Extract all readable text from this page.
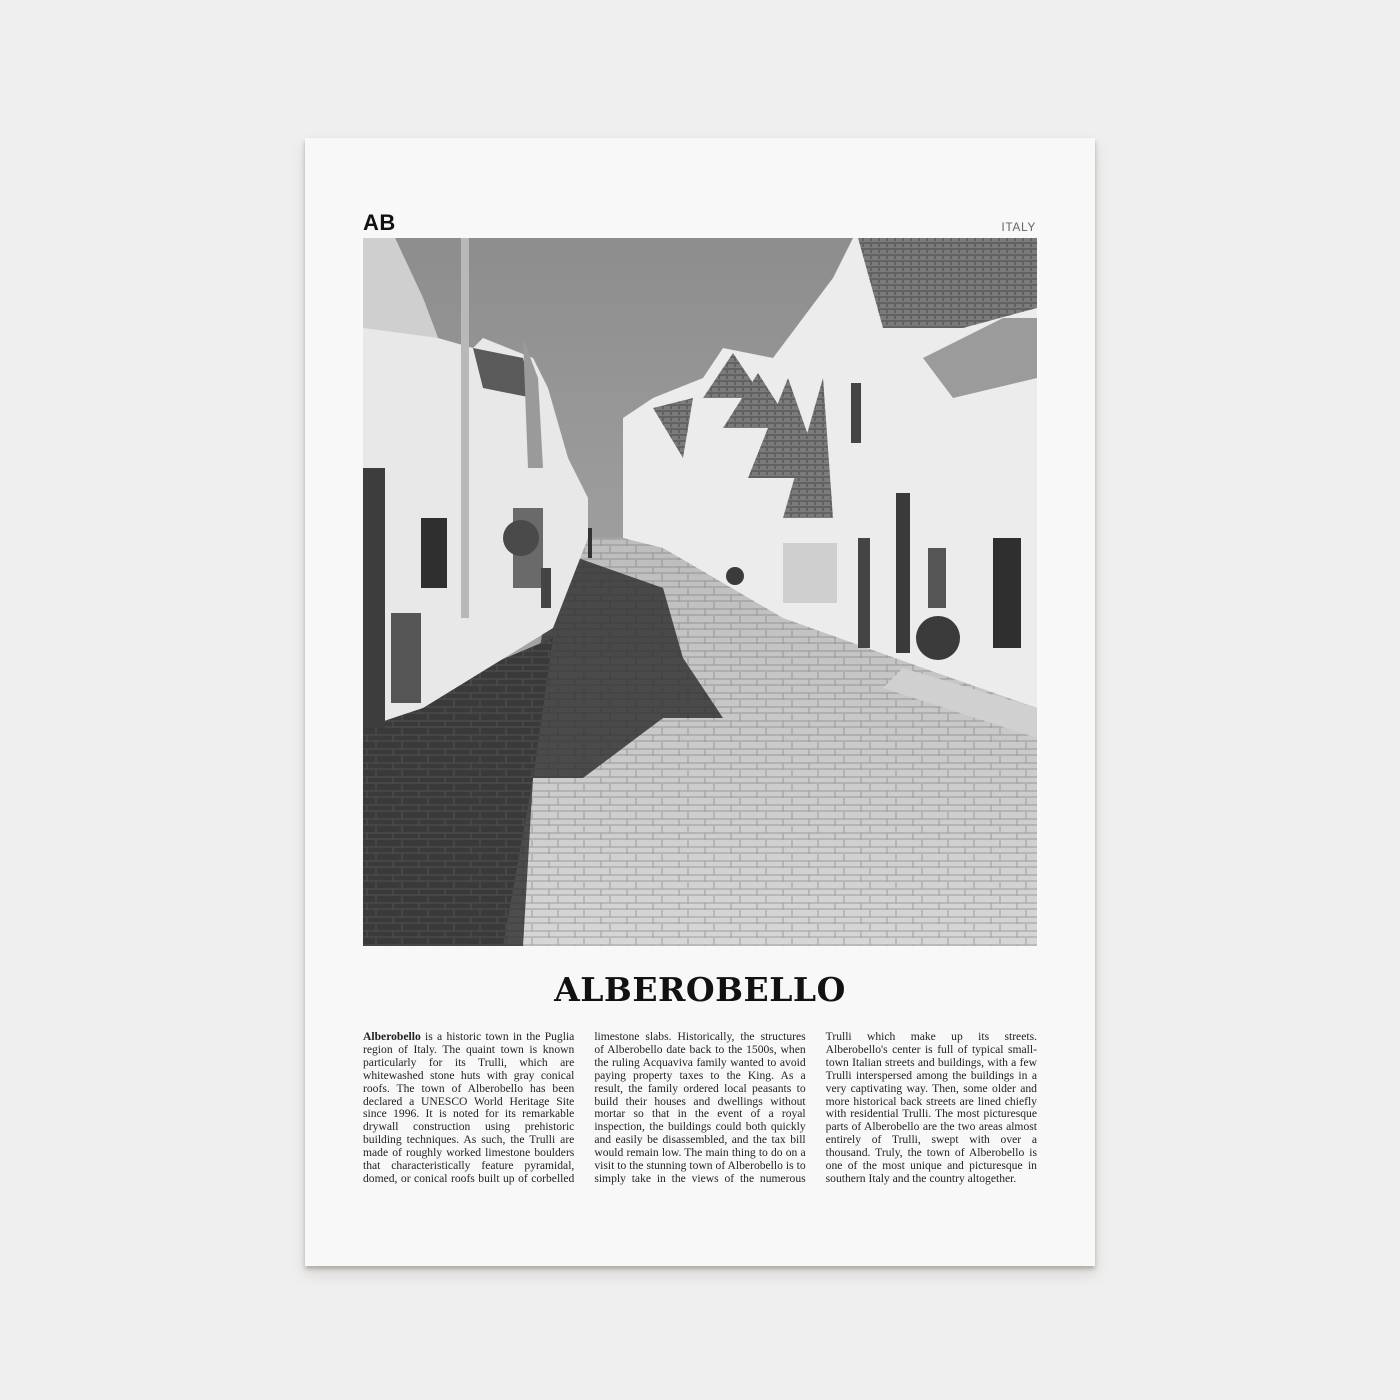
AB	ITALY
ALBEROBELLO
Alberobello is a historic town in the Puglia region of Italy. The quaint town is known particularly for its Trulli, which are whitewashed stone huts with gray conical roofs. The town of Alberobello has been declared a UNESCO World Heritage Site since 1996. It is noted for its remarkable drywall construction using prehistoric building techniques. As such, the Trulli are made of roughly worked limestone boulders that characteristically feature pyramidal, domed, or conical roofs built up of corbelled limestone slabs. Historically, the structures of Alberobello date back to the 1500s, when the ruling Acquaviva family wanted to avoid paying property taxes to the King. As a result, the family ordered local peasants to build their houses and dwellings without mortar so that in the event of a royal inspection, the buildings could both quickly and easily be disassembled, and the tax bill would remain low. The main thing to do on a visit to the stunning town of Alberobello is to simply take in the views of the numerous Trulli which make up its streets. Alberobello's center is full of typical small-town Italian streets and buildings, with a few Trulli interspersed among the buildings in a very captivating way. Then, some older and more historical back streets are lined chiefly with residential Trulli. The most picturesque parts of Alberobello are the two areas almost entirely of Trulli, swept with over a thousand. Truly, the town of Alberobello is one of the most unique and picturesque in southern Italy and the country altogether.
